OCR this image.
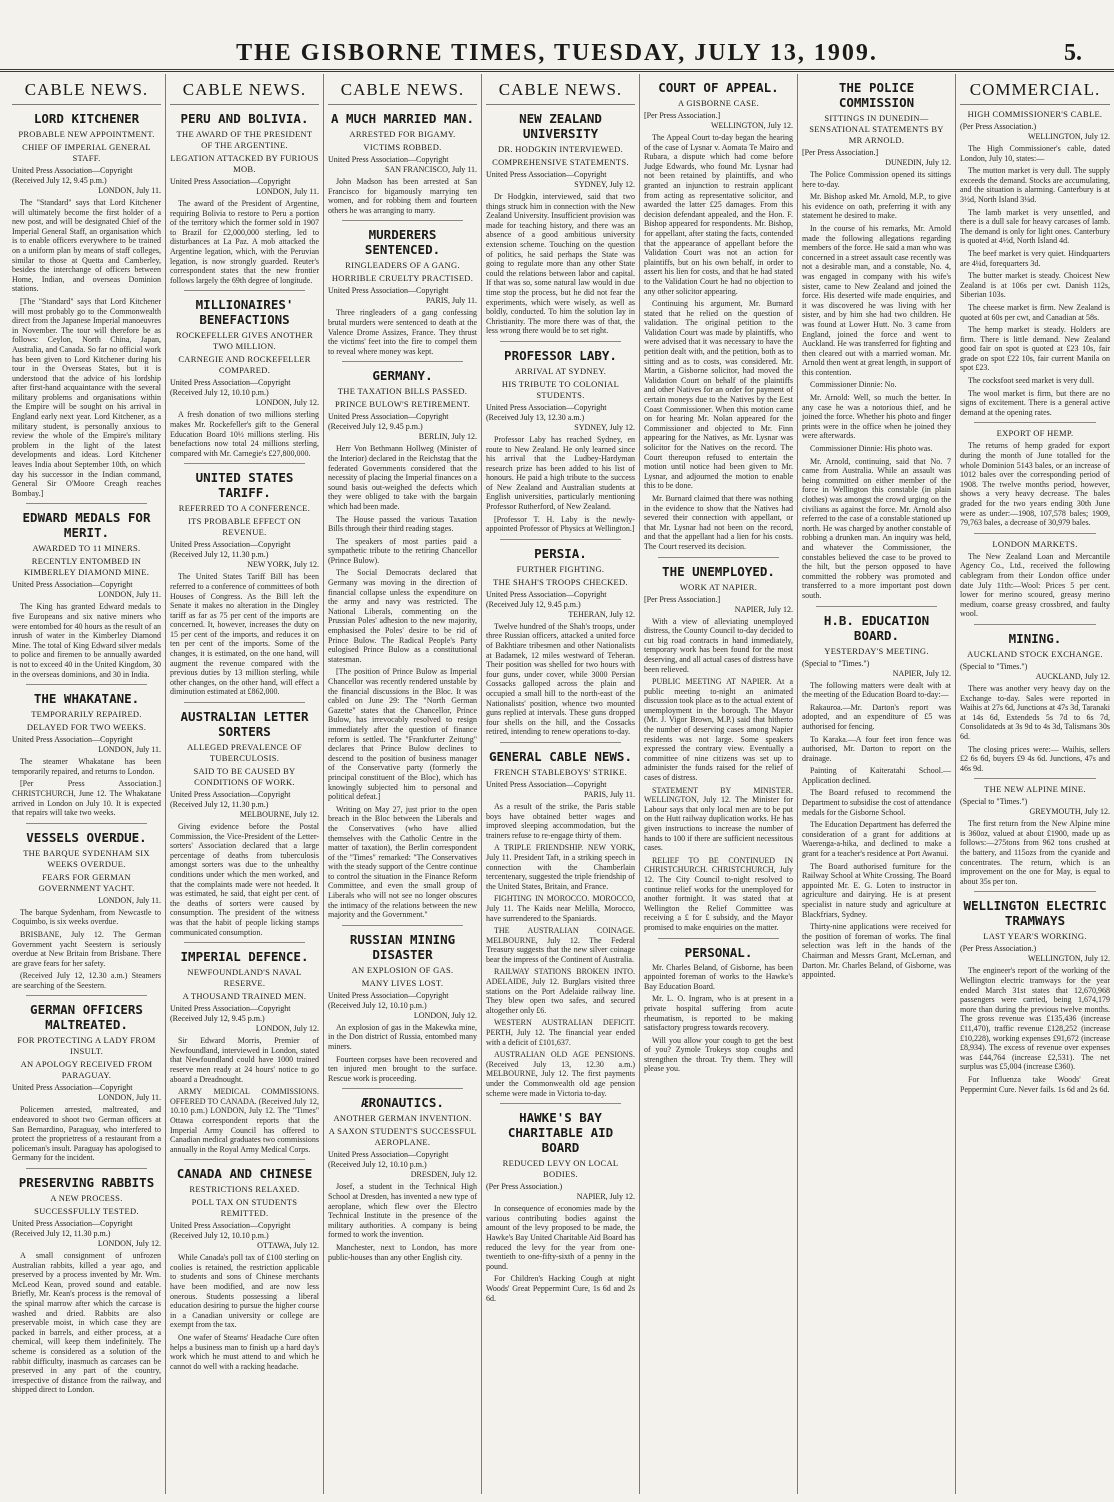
THE GISBORNE TIMES, TUESDAY, JULY 13, 1909.	5.
CABLE NEWS.
LORD KITCHENER
PROBABLE NEW APPOINTMENT.
CHIEF OF IMPERIAL GENERAL STAFF.
United Press Association—Copyright (Received July 12, 9.45 p.m.)
LONDON, July 11.

The "Standard" says that Lord Kitchener will ultimately become the first holder of a new post, and will be designated Chief of the Imperial General Staff, an organisation which is to enable officers everywhere to be trained on a uniform plan by means of staff colleges, similar to those at Quetta and Camberley, besides the interchange of officers between Home, Indian, and overseas Dominion stations.

[The "Standard" says that Lord Kitchener will most probably go to the Commonwealth direct from the Japanese Imperial manoeuvres in November. The tour will therefore be as follows: Ceylon, North China, Japan, Australia, and Canada. So far no official work has been given to Lord Kitchener during his tour in the Overseas States, but it is understood that the advice of his lordship after first-hand acquaintance with the several military problems and organisations within the Empire will be sought on his arrival in England early next year. Lord Kitchener, as a military student, is personally anxious to review the whole of the Empire's military problem in the light of the latest developments and ideas. Lord Kitchener leaves India about September 10th, on which day his successor in the Indian command, General Sir O'Moore Creagh reaches Bombay.]

EDWARD MEDALS FOR MERIT.
AWARDED TO 11 MINERS.
RECENTLY ENTOMBED IN KIMBERLEY DIAMOND MINE.
United Press Association—Copyright
LONDON, July 11.

The King has granted Edward medals to five Europeans and six native miners who were entombed for 40 hours as the result of an inrush of water in the Kimberley Diamond Mine. The total of King Edward silver medals to police and firemen to be annually awarded is not to exceed 40 in the United Kingdom, 30 in the overseas dominions, and 30 in India.

THE WHAKATANE.
TEMPORARILY REPAIRED.
DELAYED FOR TWO WEEKS.
United Press Association—Copyright
LONDON, July 11.

The steamer Whakatane has been temporarily repaired, and returns to London.

[Per Press Association.] CHRISTCHURCH, June 12. The Whakatane arrived in London on July 10. It is expected that repairs will take two weeks.

VESSELS OVERDUE.
THE BARQUE SYDENHAM SIX WEEKS OVERDUE.
FEARS FOR GERMAN GOVERNMENT YACHT.
LONDON, July 11.

The barque Sydenham, from Newcastle to Coquimbo, is six weeks overdue.

BRISBANE, July 12. The German Government yacht Seestern is seriously overdue at New Britain from Brisbane. There are grave fears for her safety.

(Received July 12, 12.30 a.m.) Steamers are searching of the Seestern.

GERMAN OFFICERS MALTREATED.
FOR PROTECTING A LADY FROM INSULT.
AN APOLOGY RECEIVED FROM PARAGUAY.
United Press Association—Copyright
LONDON, July 11.

Policemen arrested, maltreated, and endeavored to shoot two German officers at San Bernardino, Paraguay, who interfered to protect the proprietress of a restaurant from a policeman's insult. Paraguay has apologised to Germany for the incident.

PRESERVING RABBITS
A NEW PROCESS.
SUCCESSFULLY TESTED.
United Press Association—Copyright (Received July 12, 11.30 p.m.)
LONDON, July 12.

A small consignment of unfrozen Australian rabbits, killed a year ago, and preserved by a process invented by Mr. Wm. McLeod Kean, proved sound and eatable. Briefly, Mr. Kean's process is the removal of the spinal marrow after which the carcase is washed and dried. Rabbits are also preservable moist, in which case they are packed in barrels, and either process, at a chemical, will keep them indefinitely. The scheme is considered as a solution of the rabbit difficulty, inasmuch as carcases can be preserved in any part of the country, irrespective of distance from the railway, and shipped direct to London.

CABLE NEWS.
PERU AND BOLIVIA.
THE AWARD OF THE PRESIDENT OF THE ARGENTINE.
LEGATION ATTACKED BY FURIOUS MOB.
United Press Association—Copyright
LONDON, July 11.

The award of the President of Argentine, requiring Bolivia to restore to Peru a portion of the territory which the former sold in 1907 to Brazil for £2,000,000 sterling, led to disturbances at La Paz. A mob attacked the Argentine legation, which, with the Peruvian legation, is now strongly guarded. Reuter's correspondent states that the new frontier follows largely the 69th degree of longitude.

MILLIONAIRES' BENEFACTIONS
ROCKEFELLER GIVES ANOTHER TWO MILLION.
CARNEGIE AND ROCKEFELLER COMPARED.
United Press Association—Copyright (Received July 12, 10.10 p.m.)
LONDON, July 12.

A fresh donation of two millions sterling makes Mr. Rockefeller's gift to the General Education Board 10½ millions sterling. His benefactions now total 24 millions sterling, compared with Mr. Carnegie's £27,800,000.

UNITED STATES TARIFF.
REFERRED TO A CONFERENCE.
ITS PROBABLE EFFECT ON REVENUE.
United Press Association—Copyright (Received July 12, 11.30 p.m.)
NEW YORK, July 12.

The United States Tariff Bill has been referred to a conference of committees of both Houses of Congress. As the Bill left the Senate it makes no alteration in the Dingley tariff as far as 75 per cent of the imports are concerned. It, however, increases the duty on 15 per cent of the imports, and reduces it on ten per cent of the imports. Some of the changes, it is estimated, on the one hand, will augment the revenue compared with the previous duties by 13 million sterling, while other changes, on the other hand, will effect a diminution estimated at £862,000.

AUSTRALIAN LETTER SORTERS
ALLEGED PREVALENCE OF TUBERCULOSIS.
SAID TO BE CAUSED BY CONDITIONS OF WORK.
United Press Association—Copyright (Received July 12, 11.30 p.m.)
MELBOURNE, July 12.

Giving evidence before the Postal Commission, the Vice-President of the Letter-sorters' Association declared that a large percentage of deaths from tuberculosis amongst sorters was due to the unhealthy conditions under which the men worked, and that the complaints made were not heeded. It was estimated, he said, that eight per cent. of the deaths of sorters were caused by consumption. The president of the witness was that the habit of people licking stamps communicated consumption.

IMPERIAL DEFENCE.
NEWFOUNDLAND'S NAVAL RESERVE.
A THOUSAND TRAINED MEN.
United Press Association—Copyright (Received July 12, 9.45 p.m.)
LONDON, July 12.

Sir Edward Morris, Premier of Newfoundland, interviewed in London, stated that Newfoundland could have 1000 trained reserve men ready at 24 hours' notice to go aboard a Dreadnought.

ARMY MEDICAL COMMISSIONS. OFFERED TO CANADA. (Received July 12, 10.10 p.m.) LONDON, July 12. The "Times" Ottawa correspondent reports that the Imperial Army Council has offered to Canadian medical graduates two commissions annually in the Royal Army Medical Corps.

CANADA AND CHINESE
RESTRICTIONS RELAXED.
POLL TAX ON STUDENTS REMITTED.
United Press Association—Copyright (Received July 12, 10.10 p.m.)
OTTAWA, July 12.

While Canada's poll tax of £100 sterling on coolies is retained, the restriction applicable to students and sons of Chinese merchants have been modified, and are now less onerous. Students possessing a liberal education desiring to pursue the higher course in a Canadian university or college are exempt from the tax.

One wafer of Stearns' Headache Cure often helps a business man to finish up a hard day's work which he must attend to and which he cannot do well with a racking headache.

CABLE NEWS.
A MUCH MARRIED MAN.
ARRESTED FOR BIGAMY.
VICTIMS ROBBED.
United Press Association—Copyright
SAN FRANCISCO, July 11.

John Madson has been arrested at San Francisco for bigamously marrying ten women, and for robbing them and fourteen others he was arranging to marry.

MURDERERS SENTENCED.
RINGLEADERS OF A GANG.
HORRIBLE CRUELTY PRACTISED.
United Press Association—Copyright
PARIS, July 11.

Three ringleaders of a gang confessing brutal murders were sentenced to death at the Valence Drome Assizes, France. They thrust the victims' feet into the fire to compel them to reveal where money was kept.

GERMANY.
THE TAXATION BILLS PASSED.
PRINCE BULOW'S RETIREMENT.
United Press Association—Copyright (Received July 12, 9.45 p.m.)
BERLIN, July 12.

Herr Von Bethmann Hollweg (Minister of the Interior) declared in the Reichstag that the federated Governments considered that the necessity of placing the Imperial finances on a sound basis out-weighed the defects which they were obliged to take with the bargain which had been made.

The House passed the various Taxation Bills through their third reading stages.

The speakers of most parties paid a sympathetic tribute to the retiring Chancellor (Prince Bulow).

The Social Democrats declared that Germany was moving in the direction of financial collapse unless the expenditure on the army and navy was restricted. The National Liberals, commenting on the Prussian Poles' adhesion to the new majority, emphasised the Poles' desire to be rid of Prince Bulow. The Radical People's Party eulogised Prince Bulow as a constitutional statesman.

[The position of Prince Bulow as Imperial Chancellor was recently rendered unstable by the financial discussions in the Bloc. It was cabled on June 29: The "North German Gazette" states that the Chancellor, Prince Bulow, has irrevocably resolved to resign immediately after the question of finance reform is settled. The "Frankfurter Zeitung" declares that Prince Bulow declines to descend to the position of business manager of the Conservative party (formerly the principal constituent of the Bloc), which has knowingly subjected him to personal and political defeat.]

Writing on May 27, just prior to the open breach in the Bloc between the Liberals and the Conservatives (who have allied themselves with the Catholic Centre in the matter of taxation), the Berlin correspondent of the "Times" remarked: "The Conservatives with the steady support of the Centre continue to control the situation in the Finance Reform Committee, and even the small group of Liberals who will not see no longer obscures the intimacy of the relations between the new majority and the Government."

RUSSIAN MINING DISASTER
AN EXPLOSION OF GAS.
MANY LIVES LOST.
United Press Association—Copyright (Received July 12, 10.10 p.m.)
LONDON, July 12.

An explosion of gas in the Makewka mine, in the Don district of Russia, entombed many miners.

Fourteen corpses have been recovered and ten injured men brought to the surface. Rescue work is proceeding.

ÆRONAUTICS.
ANOTHER GERMAN INVENTION.
A SAXON STUDENT'S SUCCESSFUL AEROPLANE.
United Press Association—Copyright (Received July 12, 10.10 p.m.)
DRESDEN, July 12.

Josef, a student in the Technical High School at Dresden, has invented a new type of aeroplane, which flew over the Electro Technical Institute in the presence of the military authorities. A company is being formed to work the invention.

Manchester, next to London, has more public-houses than any other English city.

CABLE NEWS.
NEW ZEALAND UNIVERSITY
DR. HODGKIN INTERVIEWED.
COMPREHENSIVE STATEMENTS.
United Press Association—Copyright
SYDNEY, July 12.

Dr Hodgkin, interviewed, said that two things struck him in connection with the New Zealand University. Insufficient provision was made for teaching history, and there was an absence of a good ambitious university extension scheme. Touching on the question of politics, he said perhaps the State was going to regulate more than any other State could the relations between labor and capital. If that was so, some natural law would in due time stop the process, but he did not fear the experiments, which were wisely, as well as boldly, conducted. To him the solution lay in Christianity. The more there was of that, the less wrong there would be to set right.

PROFESSOR LABY.
ARRIVAL AT SYDNEY.
HIS TRIBUTE TO COLONIAL STUDENTS.
United Press Association—Copyright (Received July 13, 12.30 a.m.)
SYDNEY, July 12.

Professor Laby has reached Sydney, en route to New Zealand. He only learned since his arrival that the Ludbey-Hardyman research prize has been added to his list of honours. He paid a high tribute to the success of New Zealand and Australian students at English universities, particularly mentioning Professor Rutherford, of New Zealand.

[Professor T. H. Laby is the newly-appointed Professor of Physics at Wellington.]

PERSIA.
FURTHER FIGHTING.
THE SHAH'S TROOPS CHECKED.
United Press Association—Copyright (Received July 12, 9.45 p.m.)
TEHERAN, July 12.

Twelve hundred of the Shah's troops, under three Russian officers, attacked a united force of Bakhtiare tribesmen and other Nationalists at Badamek, 12 miles westward of Teheran. Their position was shelled for two hours with four guns, under cover, while 3000 Persian Cossacks galloped across the plain and occupied a small hill to the north-east of the Nationalists' position, whence two mounted guns replied at intervals. These guns dropped four shells on the hill, and the Cossacks retired, intending to renew operations to-day.

GENERAL CABLE NEWS.
FRENCH STABLEBOYS' STRIKE.
United Press Association—Copyright
PARIS, July 11.

As a result of the strike, the Paris stable boys have obtained better wages and improved sleeping accommodation, but the trainers refuse to re-engage thirty of them.

A TRIPLE FRIENDSHIP. NEW YORK, July 11. President Taft, in a striking speech in connection with the Chamberlain tercentenary, suggested the triple friendship of the United States, Britain, and France.

FIGHTING IN MOROCCO. MOROCCO, July 11. The Kaids near Melilla, Morocco, have surrendered to the Spaniards.

THE AUSTRALIAN COINAGE. MELBOURNE, July 12. The Federal Treasury suggests that the new silver coinage bear the impress of the Continent of Australia.

RAILWAY STATIONS BROKEN INTO. ADELAIDE, July 12. Burglars visited three stations on the Port Adelaide railway line. They blew open two safes, and secured altogether only £6.

WESTERN AUSTRALIAN DEFICIT. PERTH, July 12. The financial year ended with a deficit of £101,637.

AUSTRALIAN OLD AGE PENSIONS. (Received July 13, 12.30 a.m.) MELBOURNE, July 12. The first payments under the Commonwealth old age pension scheme were made in Victoria to-day.

HAWKE'S BAY CHARITABLE AID BOARD
REDUCED LEVY ON LOCAL BODIES.
(Per Press Association.)
NAPIER, July 12.

In consequence of economies made by the various contributing bodies against the amount of the levy proposed to be made, the Hawke's Bay United Charitable Aid Board has reduced the levy for the year from one-twentieth to one-fifty-sixth of a penny in the pound.

For Children's Hacking Cough at night Woods' Great Peppermint Cure, 1s 6d and 2s 6d.

COURT OF APPEAL.
A GISBORNE CASE.
[Per Press Association.]
WELLINGTON, July 12.

The Appeal Court to-day began the hearing of the case of Lysnar v. Aomata Te Mairo and Rubara, a dispute which had come before Judge Edwards, who found Mr. Lysnar had not been retained by plaintiffs, and who granted an injunction to restrain applicant from acting as representative solicitor, and awarded the latter £25 damages. From this decision defendant appealed, and the Hon. F. Bishop appeared for respondents. Mr. Bishop, for appellant, after stating the facts, contended that the appearance of appellant before the Validation Court was not an action for plaintiffs, but on his own behalf, in order to assert his lien for costs, and that he had stated to the Validation Court he had no objection to any other solicitor appearing.

Continuing his argument, Mr. Burnard stated that he relied on the question of validation. The original petition to the Validation Court was made by plaintiffs, who were advised that it was necessary to have the petition dealt with, and the petition, both as to sitting and as to costs, was considered. Mr. Martin, a Gisborne solicitor, had moved the Validation Court on behalf of the plaintiffs and other Natives for an order for payment of certain moneys due to the Natives by the Eest Coast Commissioner. When this motion came on for hearing Mr. Nolan appeared for the Commissioner and objected to Mr. Finn appearing for the Natives, as Mr. Lysnar was solicitor for the Natives on the record. The Court thereupon refused to entertain the motion until notice had been given to Mr. Lysnar, and adjourned the motion to enable this to be done.

Mr. Burnard claimed that there was nothing in the evidence to show that the Natives had severed their connection with appellant, or that Mr. Lysnar had not been on the record, and that the appellant had a lien for his costs. The Court reserved its decision.

THE UNEMPLOYED.
WORK AT NAPIER.
[Per Press Association.]
NAPIER, July 12.

With a view of alleviating unemployed distress, the County Council to-day decided to cut big road contracts in hand immediately, temporary work has been found for the most deserving, and all actual cases of distress have been relieved.

PUBLIC MEETING AT NAPIER. At a public meeting to-night an animated discussion took place as to the actual extent of unemployment in the borough. The Mayor (Mr. J. Vigor Brown, M.P.) said that hitherto the number of deserving cases among Napier residents was not large. Some speakers expressed the contrary view. Eventually a committee of nine citizens was set up to administer the funds raised for the relief of cases of distress.

STATEMENT BY MINISTER. WELLINGTON, July 12. The Minister for Labour says that only local men are to be put on the Hutt railway duplication works. He has given instructions to increase the number of hands to 100 if there are sufficient necessitous cases.

RELIEF TO BE CONTINUED IN CHRISTCHURCH. CHRISTCHURCH, July 12. The City Council to-night resolved to continue relief works for the unemployed for another fortnight. It was stated that at Wellington the Relief Committee was receiving a £ for £ subsidy, and the Mayor promised to make enquiries on the matter.

PERSONAL.

Mr. Charles Beland, of Gisborne, has been appointed foreman of works to the Hawke's Bay Education Board.

Mr. L. O. Ingram, who is at present in a private hospital suffering from acute rheumatism, is reported to be making satisfactory progress towards recovery.

Will you allow your cough to get the best of you? Zymole Trokeys stop coughs and strengthen the throat. Try them. They will please you.

THE POLICE COMMISSION
SITTINGS IN DUNEDIN—SENSATIONAL STATEMENTS BY MR ARNOLD.
[Per Press Association.]
DUNEDIN, July 12.

The Police Commission opened its sittings here to-day.

Mr. Bishop asked Mr. Arnold, M.P., to give his evidence on oath, preferring it with any statement he desired to make.

In the course of his remarks, Mr. Arnold made the following allegations regarding members of the force. He said a man who was concerned in a street assault case recently was not a desirable man, and a constable, No. 4, was engaged in company with his wife's sister, came to New Zealand and joined the force. His deserted wife made enquiries, and it was discovered he was living with her sister, and by him she had two children. He was found at Lower Hutt. No. 3 came from England, joined the force and went to Auckland. He was transferred for fighting and then cleared out with a married woman. Mr. Arnold then went at great length, in support of this contention.

Commissioner Dinnie: No.

Mr. Arnold: Well, so much the better. In any case he was a notorious thief, and he joined the force. Whether his photo and finger prints were in the office when he joined they were afterwards.

Commissioner Dinnie: His photo was.

Mr. Arnold, continuing, said that No. 7 came from Australia. While an assault was being committed on either member of the force in Wellington this constable (in plain clothes) was amongst the crowd urging on the civilians as against the force. Mr. Arnold also referred to the case of a constable stationed up north. He was charged by another constable of robbing a drunken man. An inquiry was held, and whatever the Commissioner, the constables believed the case to be proved to the hilt, but the person opposed to have committed the robbery was promoted and transferred to a more important post down south.

H.B. EDUCATION BOARD.
YESTERDAY'S MEETING.
(Special to "Times.")
NAPIER, July 12.

The following matters were dealt with at the meeting of the Education Board to-day:—

Rakauroa.—Mr. Darton's report was adopted, and an expenditure of £5 was authorised for fencing.

To Karaka.—A four feet iron fence was authorised, Mr. Darton to report on the drainage.

Painting of Kaiteratahi School.—Application declined.

The Board refused to recommend the Department to subsidise the cost of attendance medals for the Gisborne School.

The Education Department has deferred the consideration of a grant for additions at Waerenga-a-hika, and declined to make a grant for a teacher's residence at Port Awanui.

The Board authorised furniture for the Railway School at White Crossing. The Board appointed Mr. E. G. Loten to instructor in agriculture and dairying. He is at present specialist in nature study and agriculture at Blackfriars, Sydney.

Thirty-nine applications were received for the position of foreman of works. The final selection was left in the hands of the Chairman and Messrs Grant, McLernan, and Darton. Mr. Charles Beland, of Gisborne, was appointed.

COMMERCIAL.
HIGH COMMISSIONER'S CABLE.
(Per Press Association.)
WELLINGTON, July 12.

The High Commissioner's cable, dated London, July 10, states:—

The mutton market is very dull. The supply exceeds the demand. Stocks are accumulating, and the situation is alarming. Canterbury is at 3½d, North Island 3¼d.

The lamb market is very unsettled, and there is a dull sale for heavy carcases of lamb. The demand is only for light ones. Canterbury is quoted at 4½d, North Island 4d.

The beef market is very quiet. Hindquarters are 4¼d, forequarters 3d.

The butter market is steady. Choicest New Zealand is at 106s per cwt. Danish 112s, Siberian 103s.

The cheese market is firm. New Zealand is quoted at 60s per cwt, and Canadian at 58s.

The hemp market is steady. Holders are firm. There is little demand. New Zealand good fair on spot is quoted at £23 10s, fair grade on spot £22 10s, fair current Manila on spot £23.

The cocksfoot seed market is very dull.

The wool market is firm, but there are no signs of excitement. There is a general active demand at the opening rates.

EXPORT OF HEMP.

The returns of hemp graded for export during the month of June totalled for the whole Dominion 5143 bales, or an increase of 1012 bales over the corresponding period of 1908. The twelve months period, however, shows a very heavy decrease. The bales graded for the two years ending 30th June were as under:—1908, 107,578 bales; 1909, 79,763 bales, a decrease of 30,979 bales.

LONDON MARKETS.

The New Zealand Loan and Mercantile Agency Co., Ltd., received the following cablegram from their London office under date July 11th:—Wool: Prices 5 per cent. lower for merino scoured, greasy merino medium, coarse greasy crossbred, and faulty wool.

MINING.
AUCKLAND STOCK EXCHANGE.
(Special to "Times.")
AUCKLAND, July 12.

There was another very heavy day on the Exchange to-day. Sales were reported in Waihis at 27s 6d, Junctions at 47s 3d, Taranaki at 14s 6d, Extendeds 5s 7d to 6s 7d, Consolidateds at 3s 9d to 4s 3d, Talismans 30s 6d.

The closing prices were:— Waihis, sellers £2 6s 6d, buyers £9 4s 6d. Junctions, 47s and 46s 9d.

THE NEW ALPINE MINE.
(Special to "Times.")
GREYMOUTH, July 12.

The first return from the New Alpine mine is 360oz, valued at about £1900, made up as follows:—275tons from 962 tons crushed at the battery, and 115ozs from the cyanide and concentrates. The return, which is an improvement on the one for May, is equal to about 35s per ton.

WELLINGTON ELECTRIC TRAMWAYS
LAST YEAR'S WORKING.
(Per Press Association.)
WELLINGTON, July 12.

The engineer's report of the working of the Wellington electric tramways for the year ended March 31st states that 12,670,968 passengers were carried, being 1,674,179 more than during the previous twelve months. The gross revenue was £135,436 (increase £11,470), traffic revenue £128,252 (increase £10,228), working expenses £91,672 (increase £8,934). The excess of revenue over expenses was £44,764 (increase £2,531). The net surplus was £5,004 (increase £360).

For Influenza take Woods' Great Peppermint Cure. Never fails. 1s 6d and 2s 6d.
